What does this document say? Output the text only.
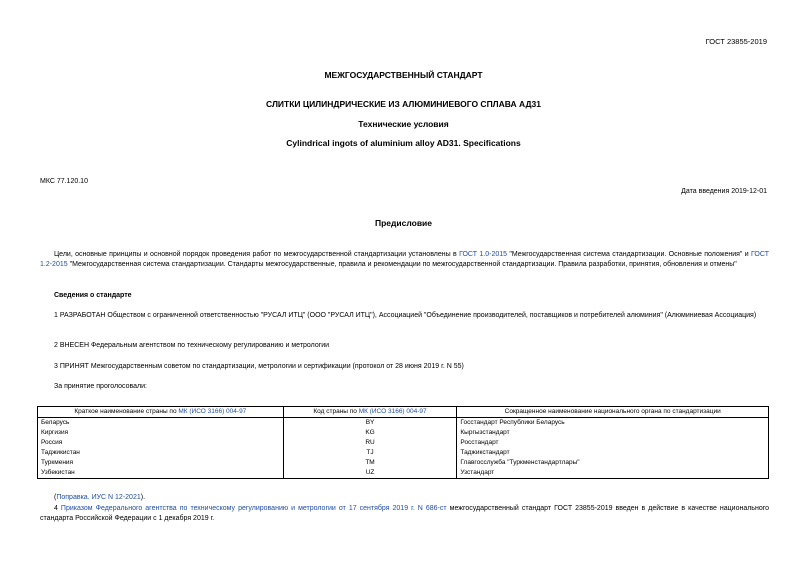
ГОСТ 23855-2019
МЕЖГОСУДАРСТВЕННЫЙ СТАНДАРТ
СЛИТКИ ЦИЛИНДРИЧЕСКИЕ ИЗ АЛЮМИНИЕВОГО СПЛАВА АД31
Технические условия
Cylindrical ingots of aluminium alloy AD31. Specifications
МКС 77.120.10
Дата введения 2019-12-01
Предисловие
Цели, основные принципы и основной порядок проведения работ по межгосударственной стандартизации установлены в ГОСТ 1.0-2015 "Межгосударственная система стандартизации. Основные положения" и ГОСТ 1.2-2015 "Межгосударственная система стандартизации. Стандарты межгосударственные, правила и рекомендации по межгосударственной стандартизации. Правила разработки, принятия, обновления и отмены"
Сведения о стандарте
1 РАЗРАБОТАН Обществом с ограниченной ответственностью "РУСАЛ ИТЦ" (ООО "РУСАЛ ИТЦ"), Ассоциацией "Объединение производителей, поставщиков и потребителей алюминия" (Алюминиевая Ассоциация)
2 ВНЕСЕН Федеральным агентством по техническому регулированию и метрологии
3 ПРИНЯТ Межгосударственным советом по стандартизации, метрологии и сертификации (протокол от 28 июня 2019 г. N 55)
За принятие проголосовали:
Краткое наименование страны по МК (ИСО 3166) 004-97	Код страны по МК (ИСО 3166) 004-97	Сокращенное наименование национального органа по стандартизации
Беларусь	BY	Госстандарт Республики Беларусь
Киргизия	KG	Кыргызстандарт
Россия	RU	Росстандарт
Таджикистан	TJ	Таджикстандарт
Туркмения	TM	Главгосслужба "Туркменстандартлары"
Узбекистан	UZ	Узстандарт
(Поправка. ИУС N 12-2021).
4 Приказом Федерального агентства по техническому регулированию и метрологии от 17 сентября 2019 г. N 686-ст межгосударственный стандарт ГОСТ 23855-2019 введен в действие в качестве национального стандарта Российской Федерации с 1 декабря 2019 г.
